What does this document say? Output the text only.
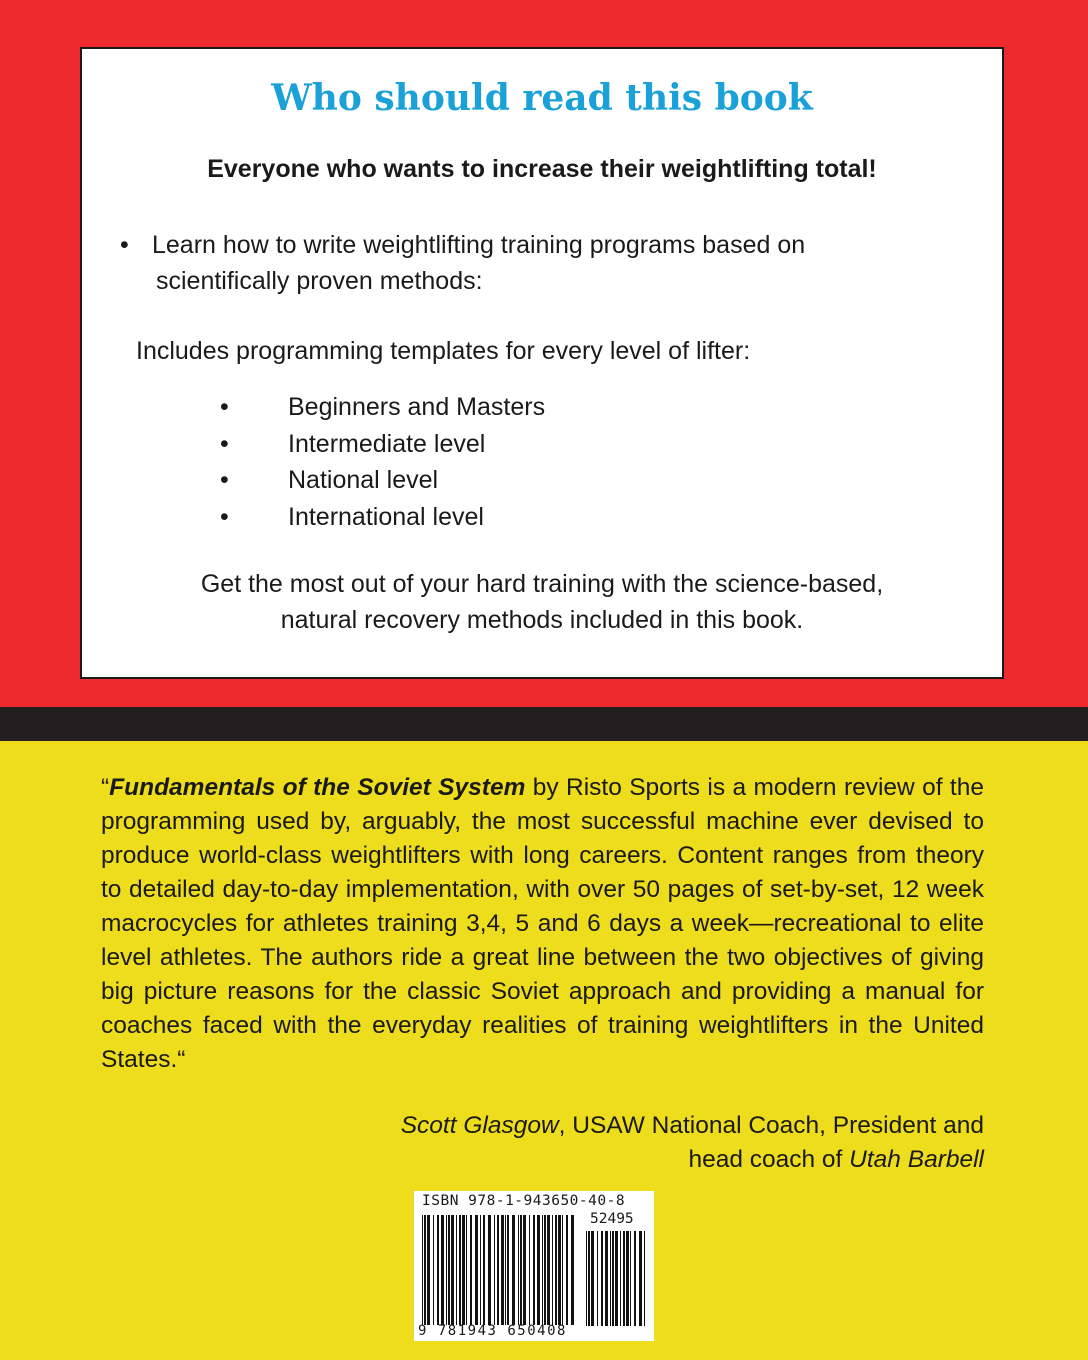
Who should read this book
Everyone who wants to increase their weightlifting total!
• Learn how to write weightlifting training programs based on
scientifically proven methods:
Includes programming templates for every level of lifter:
• Beginners and Masters
• Intermediate level
• National level
• International level
Get the most out of your hard training with the science-based,
natural recovery methods included in this book.
“Fundamentals of the Soviet System by Risto Sports is a modern review of the programming used by, arguably, the most successful machine ever devised to produce world-class weightlifters with long careers. Content ranges from theory to detailed day-to-day implementation, with over 50 pages of set-by-set, 12 week macrocycles for athletes training 3,4, 5 and 6 days a week—recreational to elite level athletes. The authors ride a great line between the two objectives of giving big picture reasons for the classic Soviet approach and providing a manual for coaches faced with the everyday realities of training weightlifters in the United States.“
Scott Glasgow, USAW National Coach, President and
head coach of Utah Barbell
ISBN 978-1-943650-40-8
52495
9 781943 650408
